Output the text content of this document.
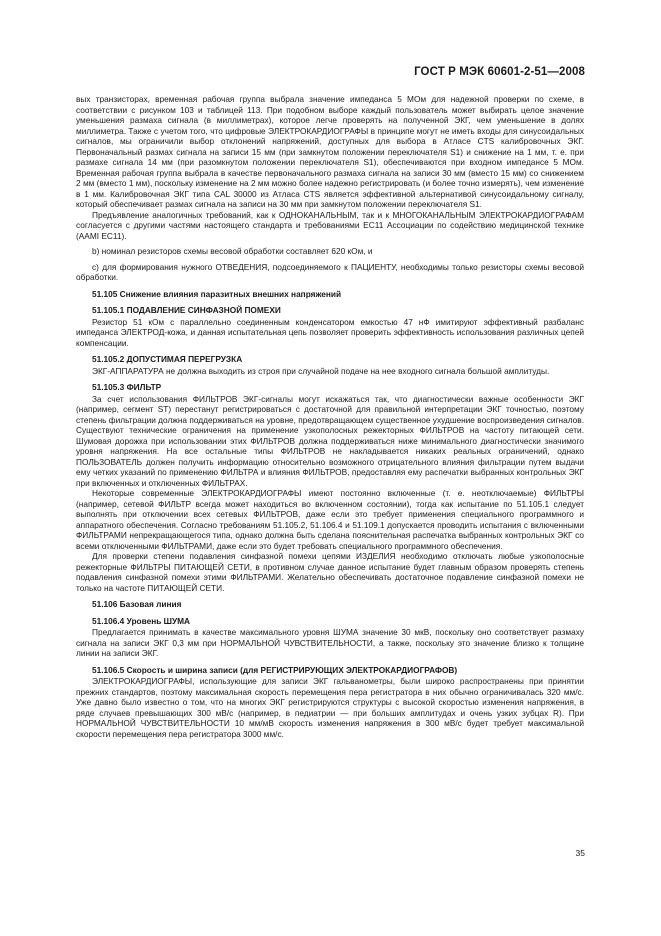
ГОСТ Р МЭК 60601-2-51—2008

вых транзисторах, временная рабочая группа выбрала значение импеданса 5 МОм для надежной проверки по схеме, в соответствии с рисунком 103 и таблицей 113. При подобном выборе каждый пользователь может выбирать целое значение уменьшения размаха сигнала (в миллиметрах), которое легче проверять на полученной ЭКГ, чем уменьшение в долях миллиметра. Также с учетом того, что цифровые ЭЛЕКТРОКАРДИОГРАФЫ в принципе могут не иметь входы для синусоидальных сигналов, мы ограничили выбор отклонений напряжений, доступных для выбора в Атласе CTS калибровочных ЭКГ. Первоначальный размах сигнала на записи 15 мм (при замкнутом положении переключателя S1) и снижение на 1 мм, т. е. при размахе сигнала 14 мм (при разомкнутом положении переключателя S1), обеспечиваются при входном импедансе 5 МОм. Временная рабочая группа выбрала в качестве первоначального размаха сигнала на записи 30 мм (вместо 15 мм) со снижением 2 мм (вместо 1 мм), поскольку изменение на 2 мм можно более надежно регистрировать (и более точно измерять), чем изменение в 1 мм. Калибровочная ЭКГ типа CAL 30000 из Атласа CTS является эффективной альтернативой синусоидальному сигналу, который обеспечивает размах сигнала на записи на 30 мм при замкнутом положении переключателя S1.

Предъявление аналогичных требований, как к ОДНОКАНАЛЬНЫМ, так и к МНОГОКАНАЛЬНЫМ ЭЛЕКТРОКАРДИОГРАФАМ согласуется с другими частями настоящего стандарта и требованиями EC11 Ассоциации по содействию медицинской технике (AAMI EC11).

b) номинал резисторов схемы весовой обработки составляет 620 кОм, и

c) для формирования нужного ОТВЕДЕНИЯ, подсоединяемого к ПАЦИЕНТУ, необходимы только резисторы схемы весовой обработки.

51.105 Снижение влияния паразитных внешних напряжений

51.105.1 ПОДАВЛЕНИЕ СИНФАЗНОЙ ПОМЕХИ

Резистор 51 кОм с параллельно соединенным конденсатором емкостью 47 нФ имитируют эффективный разбаланс импеданса ЭЛЕКТРОД-кожа, и данная испытательная цепь позволяет проверить эффективность использования различных цепей компенсации.

51.105.2 ДОПУСТИМАЯ ПЕРЕГРУЗКА

ЭКГ-АППАРАТУРА не должна выходить из строя при случайной подаче на нее входного сигнала большой амплитуды.

51.105.3 ФИЛЬТР

За счет использования ФИЛЬТРОВ ЭКГ-сигналы могут искажаться так, что диагностически важные особенности ЭКГ (например, сегмент ST) перестанут регистрироваться с достаточной для правильной интерпретации ЭКГ точностью, поэтому степень фильтрации должна поддерживаться на уровне, предотвращающем существенное ухудшение воспроизведения сигналов. Существуют технические ограничения на применение узкополосных режекторных ФИЛЬТРОВ на частоту питающей сети. Шумовая дорожка при использовании этих ФИЛЬТРОВ должна поддерживаться ниже минимального диагностически значимого уровня напряжения. На все остальные типы ФИЛЬТРОВ не накладывается никаких реальных ограничений, однако ПОЛЬЗОВАТЕЛЬ должен получить информацию относительно возможного отрицательного влияния фильтрации путем выдачи ему четких указаний по применению ФИЛЬТРА и влияния ФИЛЬТРОВ, предоставляя ему распечатки выбранных контрольных ЭКГ при включенных и отключенных ФИЛЬТРАХ.

Некоторые современные ЭЛЕКТРОКАРДИОГРАФЫ имеют постоянно включенные (т. е. неотключаемые) ФИЛЬТРЫ (например, сетевой ФИЛЬТР всегда может находиться во включенном состоянии), тогда как испытание по 51.105.1 следует выполнять при отключении всех сетевых ФИЛЬТРОВ, даже если это требует применения специального программного и аппаратного обеспечения. Согласно требованиям 51.105.2, 51.106.4 и 51.109.1 допускается проводить испытания с включенными ФИЛЬТРАМИ непрекращающегося типа, однако должна быть сделана пояснительная распечатка выбранных контрольных ЭКГ со всеми отключенными ФИЛЬТРАМИ, даже если это будет требовать специального программного обеспечения.

Для проверки степени подавления синфазной помехи цепями ИЗДЕЛИЯ необходимо отключать любые узкополосные режекторные ФИЛЬТРЫ ПИТАЮЩЕЙ СЕТИ, в противном случае данное испытание будет главным образом проверять степень подавления синфазной помехи этими ФИЛЬТРАМИ. Желательно обеспечивать достаточное подавление синфазной помехи не только на частоте ПИТАЮЩЕЙ СЕТИ.

51.106 Базовая линия

51.106.4 Уровень ШУМА

Предлагается принимать в качестве максимального уровня ШУМА значение 30 мкВ, поскольку оно соответствует размаху сигнала на записи ЭКГ 0,3 мм при НОРМАЛЬНОЙ ЧУВСТВИТЕЛЬНОСТИ, а также, поскольку это значение близко к толщине линии на записи ЭКГ.

51.106.5 Скорость и ширина записи (для РЕГИСТРИРУЮЩИХ ЭЛЕКТРОКАРДИОГРАФОВ)

ЭЛЕКТРОКАРДИОГРАФЫ, использующие для записи ЭКГ гальванометры, были широко распространены при принятии прежних стандартов, поэтому максимальная скорость перемещения пера регистратора в них обычно ограничивалась 320 мм/с. Уже давно было известно о том, что на многих ЭКГ регистрируются структуры с высокой скоростью изменения напряжения, в ряде случаев превышающих 300 мВ/с (например, в педиатрии — при больших амплитудах и очень узких зубцах R). При НОРМАЛЬНОЙ ЧУВСТВИТЕЛЬНОСТИ 10 мм/мВ скорость изменения напряжения в 300 мВ/с будет требует максимальной скорости перемещения пера регистратора 3000 мм/с.

35
